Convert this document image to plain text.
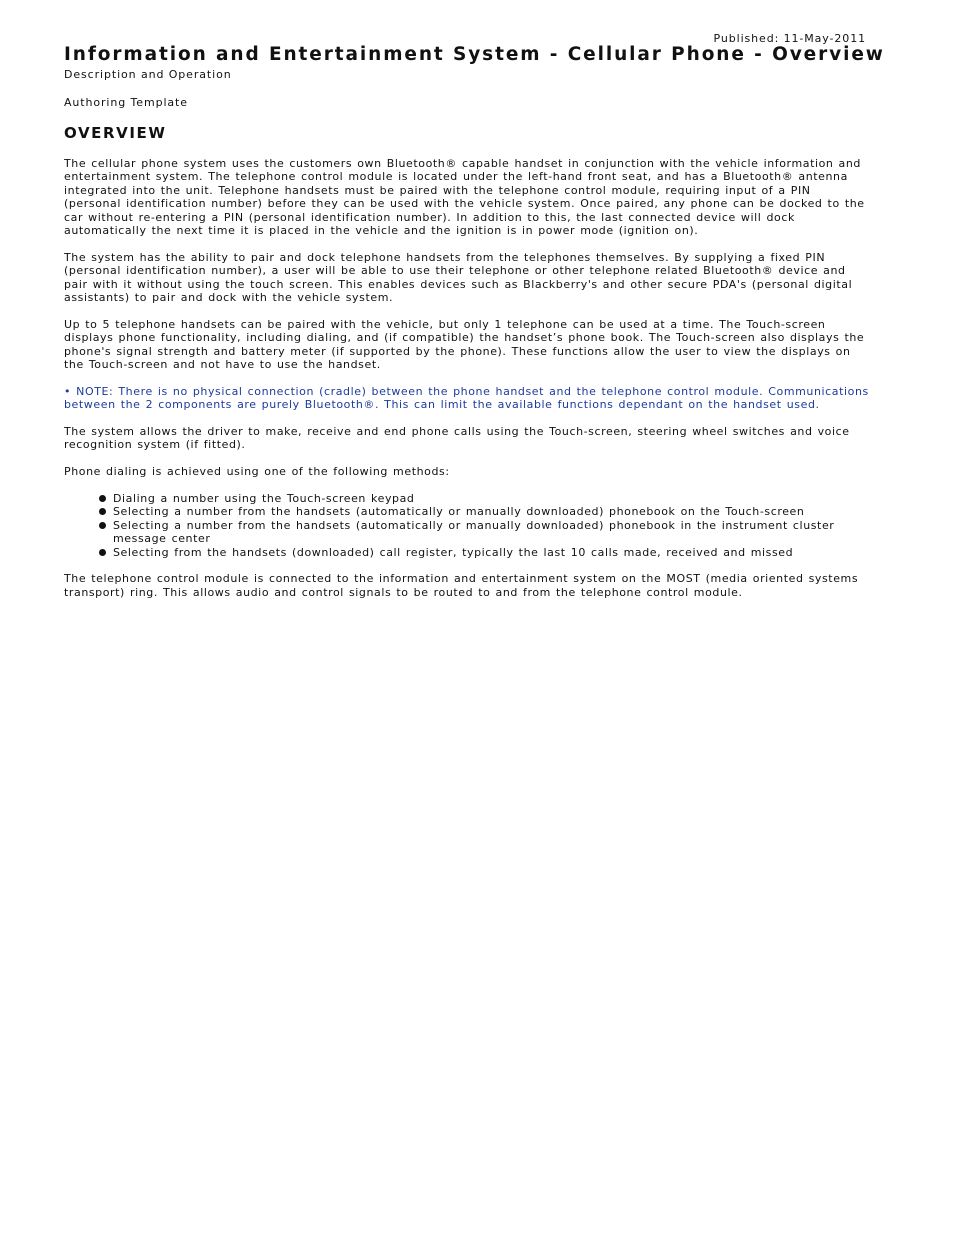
Published: 11-May-2011
Information and Entertainment System - Cellular Phone - Overview
Description and Operation
Authoring Template
OVERVIEW

The cellular phone system uses the customers own Bluetooth® capable handset in conjunction with the vehicle information and entertainment system. The telephone control module is located under the left-hand front seat, and has a Bluetooth® antenna integrated into the unit. Telephone handsets must be paired with the telephone control module, requiring input of a PIN (personal identification number) before they can be used with the vehicle system. Once paired, any phone can be docked to the car without re-entering a PIN (personal identification number). In addition to this, the last connected device will dock automatically the next time it is placed in the vehicle and the ignition is in power mode (ignition on).

The system has the ability to pair and dock telephone handsets from the telephones themselves. By supplying a fixed PIN (personal identification number), a user will be able to use their telephone or other telephone related Bluetooth® device and pair with it without using the touch screen. This enables devices such as Blackberry's and other secure PDA's (personal digital assistants) to pair and dock with the vehicle system.

Up to 5 telephone handsets can be paired with the vehicle, but only 1 telephone can be used at a time. The Touch-screen displays phone functionality, including dialing, and (if compatible) the handset’s phone book. The Touch-screen also displays the phone's signal strength and battery meter (if supported by the phone). These functions allow the user to view the displays on the Touch-screen and not have to use the handset.

• NOTE: There is no physical connection (cradle) between the phone handset and the telephone control module. Communications between the 2 components are purely Bluetooth®. This can limit the available functions dependant on the handset used.

The system allows the driver to make, receive and end phone calls using the Touch-screen, steering wheel switches and voice recognition system (if fitted).

Phone dialing is achieved using one of the following methods:

Dialing a number using the Touch-screen keypad
Selecting a number from the handsets (automatically or manually downloaded) phonebook on the Touch-screen
Selecting a number from the handsets (automatically or manually downloaded) phonebook in the instrument cluster message center
Selecting from the handsets (downloaded) call register, typically the last 10 calls made, received and missed

The telephone control module is connected to the information and entertainment system on the MOST (media oriented systems transport) ring. This allows audio and control signals to be routed to and from the telephone control module.
